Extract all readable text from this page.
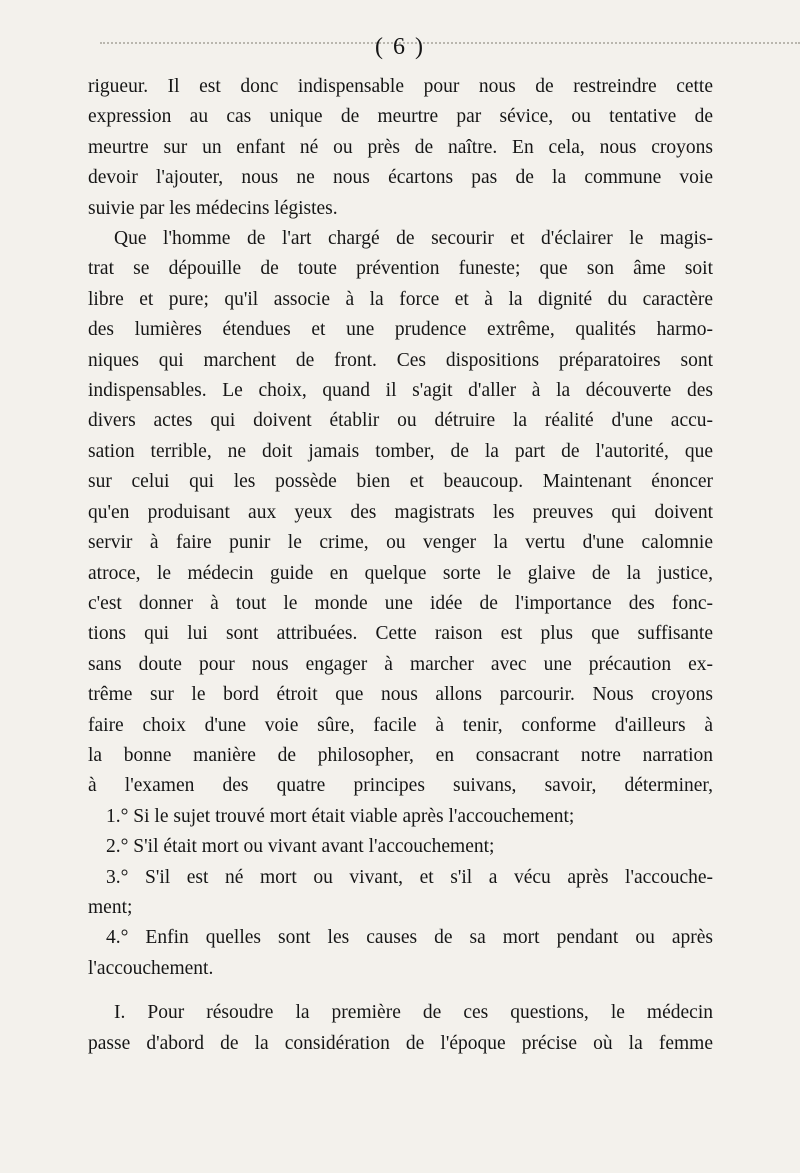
( 6 )
rigueur. Il est donc indispensable pour nous de restreindre cette
expression au cas unique de meurtre par sévice, ou tentative de
meurtre sur un enfant né ou près de naître. En cela, nous croyons
devoir l'ajouter, nous ne nous écartons pas de la commune voie
suivie par les médecins légistes.
Que l'homme de l'art chargé de secourir et d'éclairer le magis-
trat se dépouille de toute prévention funeste; que son âme soit
libre et pure; qu'il associe à la force et à la dignité du caractère
des lumières étendues et une prudence extrême, qualités harmo-
niques qui marchent de front. Ces dispositions préparatoires sont
indispensables. Le choix, quand il s'agit d'aller à la découverte des
divers actes qui doivent établir ou détruire la réalité d'une accu-
sation terrible, ne doit jamais tomber, de la part de l'autorité, que
sur celui qui les possède bien et beaucoup. Maintenant énoncer
qu'en produisant aux yeux des magistrats les preuves qui doivent
servir à faire punir le crime, ou venger la vertu d'une calomnie
atroce, le médecin guide en quelque sorte le glaive de la justice,
c'est donner à tout le monde une idée de l'importance des fonc-
tions qui lui sont attribuées. Cette raison est plus que suffisante
sans doute pour nous engager à marcher avec une précaution ex-
trême sur le bord étroit que nous allons parcourir. Nous croyons
faire choix d'une voie sûre, facile à tenir, conforme d'ailleurs à
la bonne manière de philosopher, en consacrant notre narration
à l'examen des quatre principes suivans, savoir, déterminer,
1.° Si le sujet trouvé mort était viable après l'accouchement;
2.° S'il était mort ou vivant avant l'accouchement;
3.° S'il est né mort ou vivant, et s'il a vécu après l'accouche-
ment;
4.° Enfin quelles sont les causes de sa mort pendant ou après
l'accouchement.
I. Pour résoudre la première de ces questions, le médecin
passe d'abord de la considération de l'époque précise où la femme
